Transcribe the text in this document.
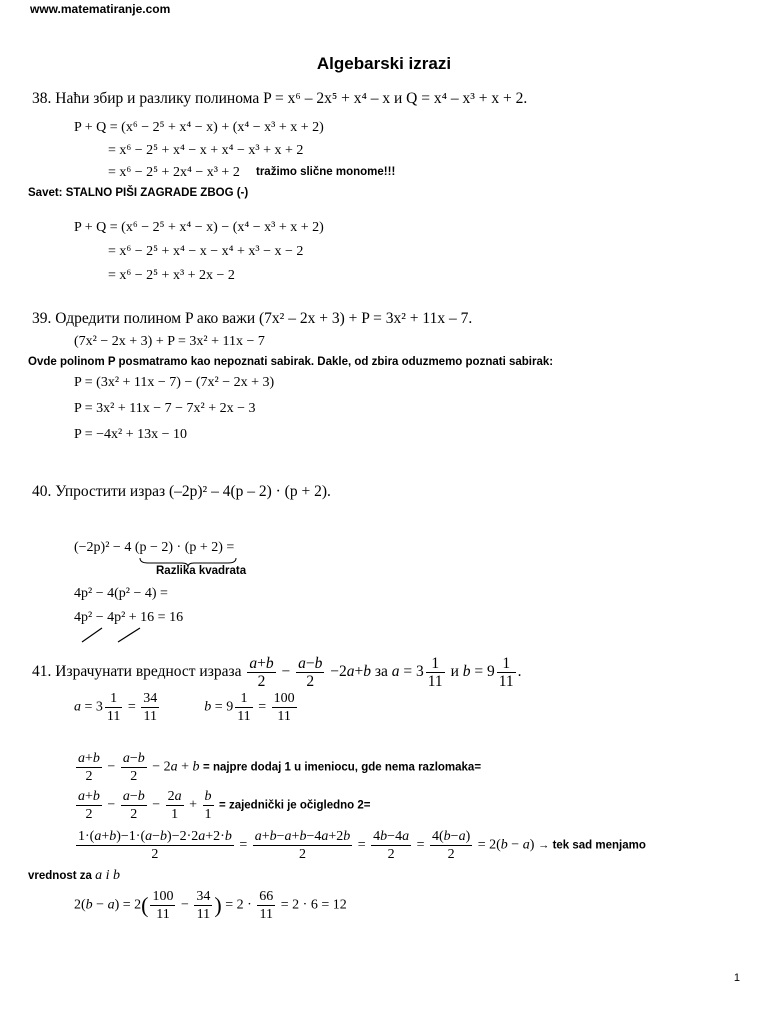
www.matematiranje.com
Algebarski izrazi
38. Наћи збир и разлику полинома P = x⁶ – 2x⁵ + x⁴ – x и Q = x⁴ – x³ + x + 2.
P + Q = (x⁶ − 2⁵ + x⁴ − x) + (x⁴ − x³ + x + 2)
= x⁶ − 2⁵ + x⁴ − x + x⁴ − x³ + x + 2
= x⁶ − 2⁵ + 2x⁴ − x³ + 2 tražimo slične monome!!!
Savet: STALNO PIŠI ZAGRADE ZBOG (-)
P + Q = (x⁶ − 2⁵ + x⁴ − x) − (x⁴ − x³ + x + 2)
= x⁶ − 2⁵ + x⁴ − x − x⁴ + x³ − x − 2
= x⁶ − 2⁵ + x³ + 2x − 2
39. Одредити полином P ако важи (7x² – 2x + 3) + P = 3x² + 11x – 7.
(7x² − 2x + 3) + P = 3x² + 11x − 7
Ovde polinom P posmatramo kao nepoznati sabirak. Dakle, od zbira oduzmemo poznati sabirak:
P = (3x² + 11x − 7) − (7x² − 2x + 3)
P = 3x² + 11x − 7 − 7x² + 2x − 3
P = −4x² + 13x − 10
40. Упростити израз (–2p)² – 4(p – 2) · (p + 2).
(−2p)² − 4 (p − 2) · (p + 2) =
Razlika kvadrata
4p² − 4(p² − 4) =
4p² − 4p² + 16 = 16
41. Израчунати вредност израза $\frac{a+b}{2} - \frac{a-b}{2} -2a+b$ за $a = 3 \frac{1}{11}$ и $b = 9 \frac{1}{11}$ .
$a = 3 \frac{1}{11} = \frac{34}{11}$	$b = 9 \frac{1}{11} = \frac{100}{11}$
$\frac{a+b}{2} - \frac{a-b}{2} - 2a + b$ = najpre dodaj 1 u imeniocu, gde nema razlomaka=
$\frac{a+b}{2} - \frac{a-b}{2} - \frac{2a}{1} + \frac{b}{1}$ = zajednički je očigledno 2=
$\frac{1\cdot(a+b)-1\cdot(a-b)-2\cdot 2a+2\cdot b}{2} = \frac{a+b-a+b-4a+2b}{2} = \frac{4b-4a}{2} = \frac{4(b-a)}{2} = 2(b - a)$ → tek sad menjamo
vrednost za a i b
$2(b - a) = 2( \frac{100}{11} - \frac{34}{11}$ ) = $2 \cdot \frac{66}{11} = 2 \cdot 6 = 12$
1
